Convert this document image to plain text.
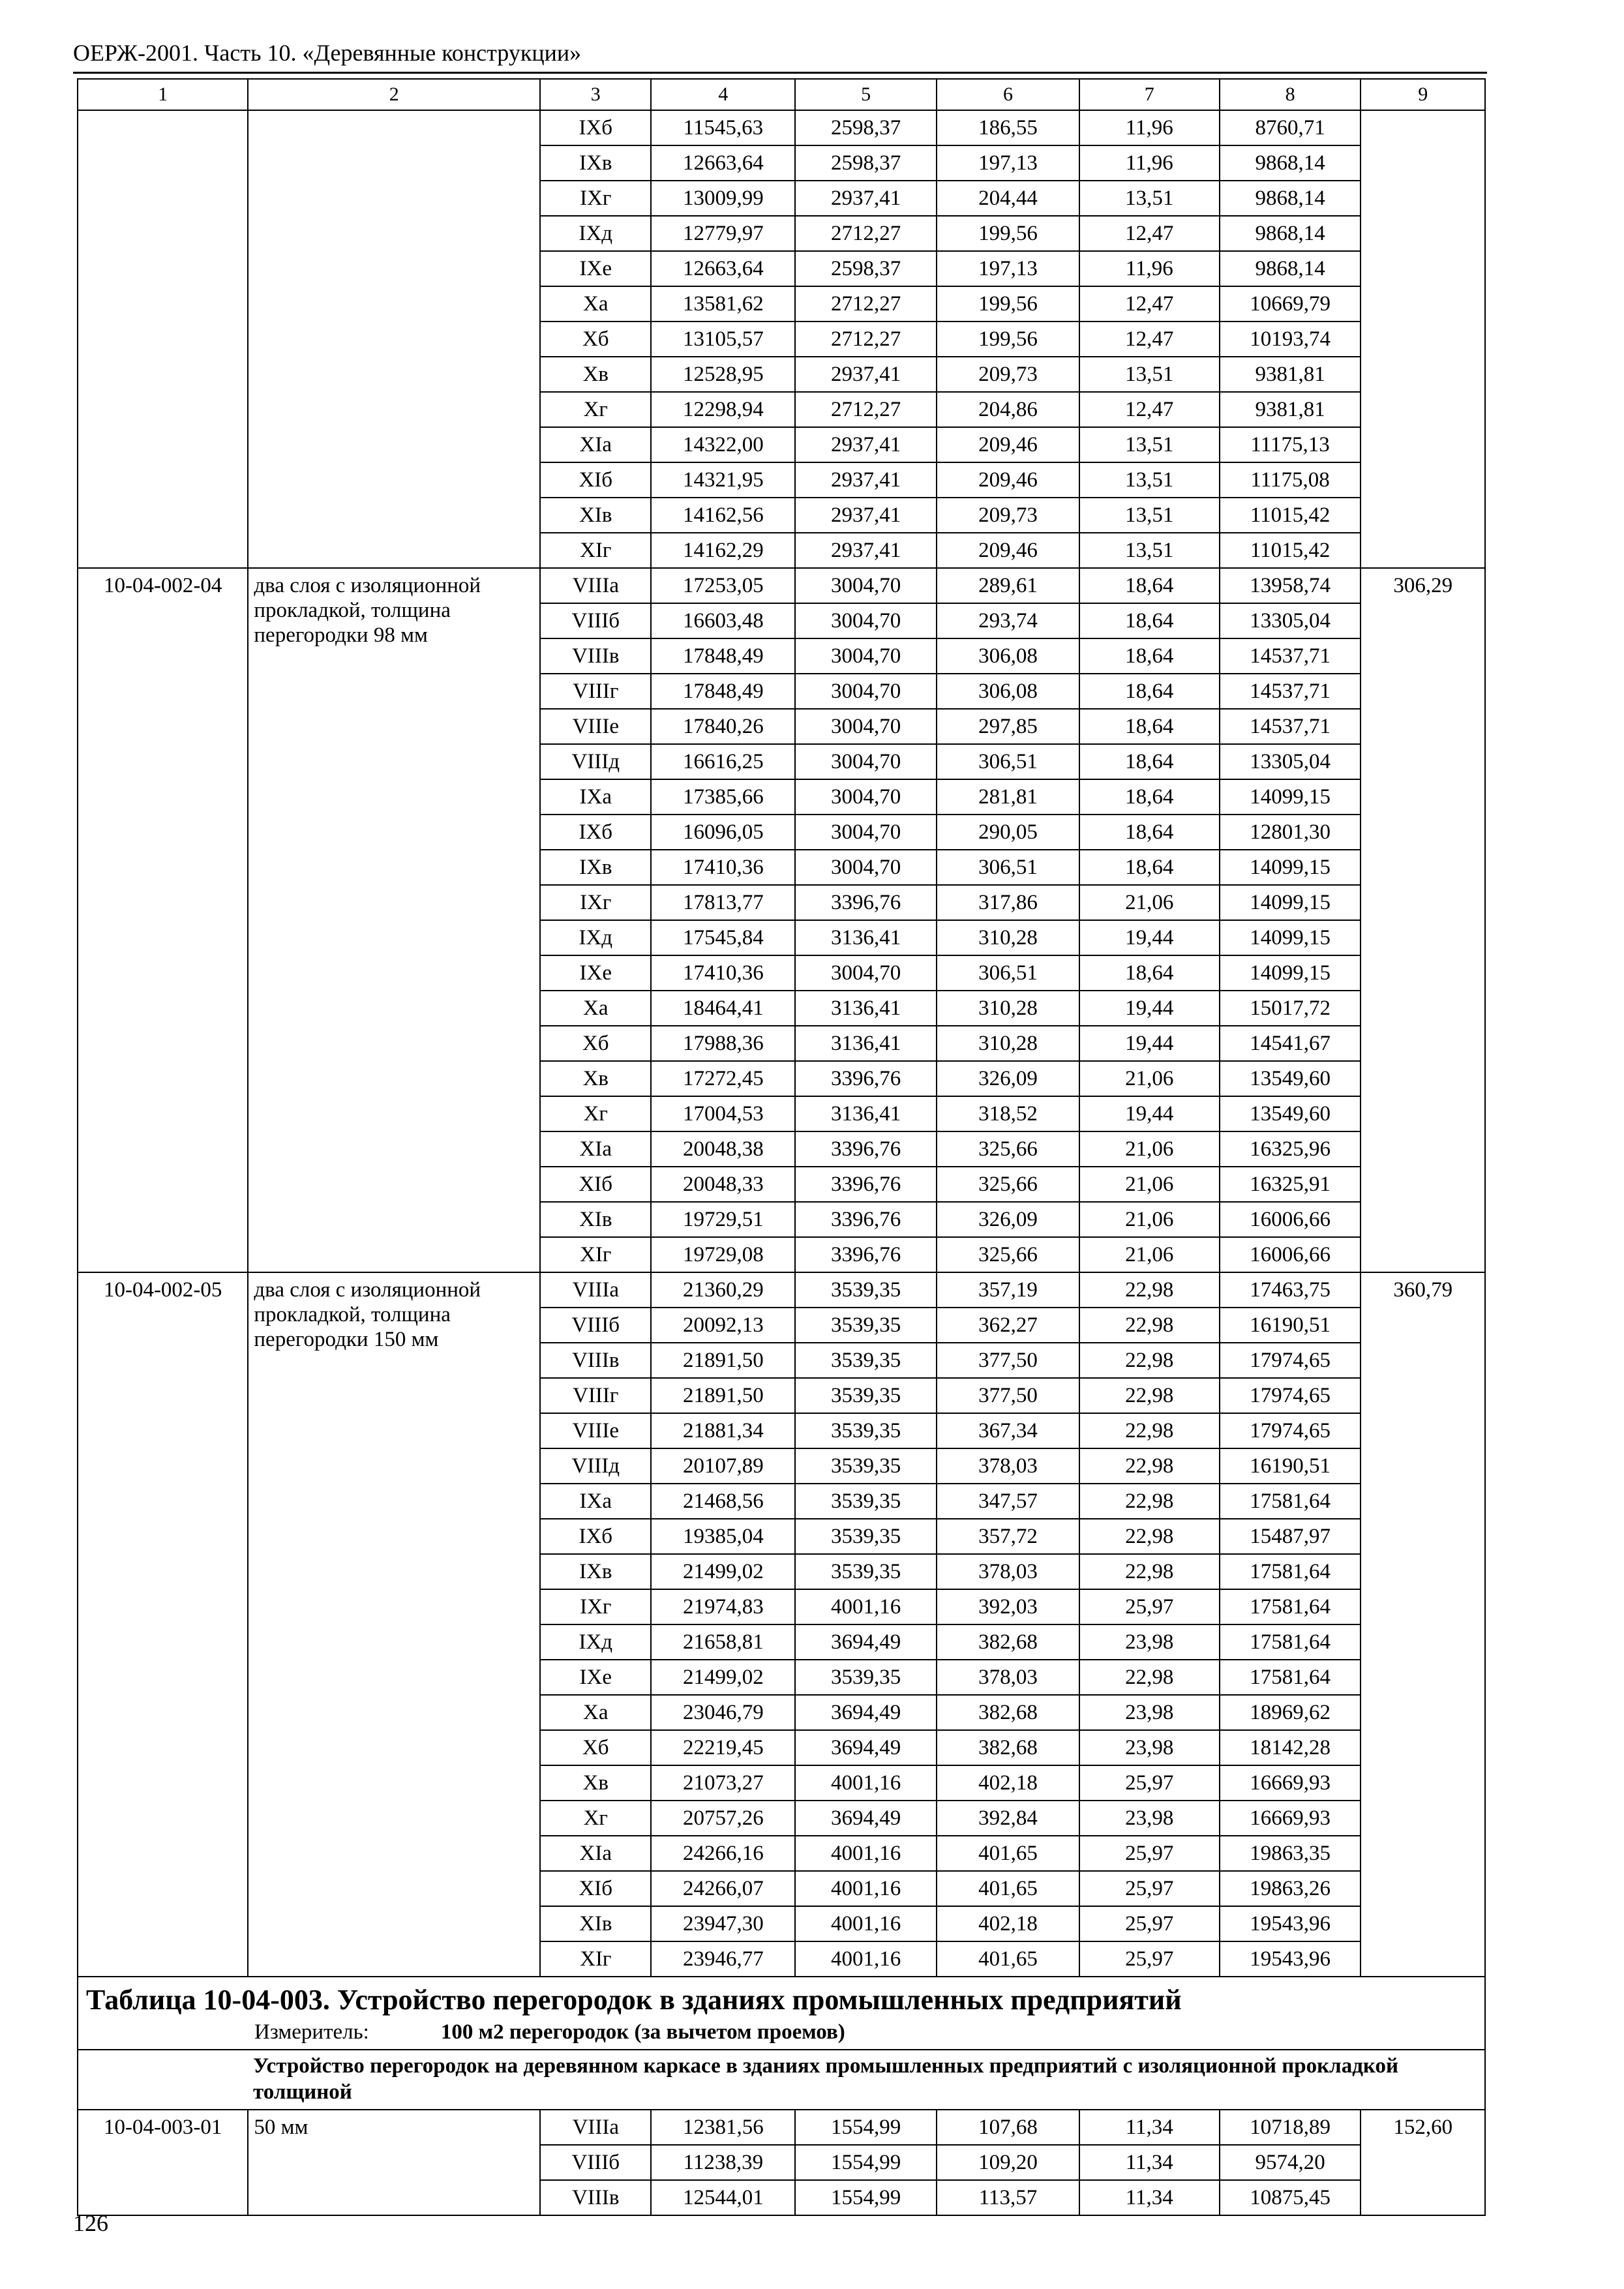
ОЕРЖ-2001. Часть 10. «Деревянные конструкции»
1	2	3	4	5	6	7	8	9
		IXб	11545,63	2598,37	186,55	11,96	8760,71	
		IXв	12663,64	2598,37	197,13	11,96	9868,14	
		IXг	13009,99	2937,41	204,44	13,51	9868,14	
		IXд	12779,97	2712,27	199,56	12,47	9868,14	
		IXе	12663,64	2598,37	197,13	11,96	9868,14	
		Xа	13581,62	2712,27	199,56	12,47	10669,79	
		Xб	13105,57	2712,27	199,56	12,47	10193,74	
		Xв	12528,95	2937,41	209,73	13,51	9381,81	
		Xг	12298,94	2712,27	204,86	12,47	9381,81	
		XIа	14322,00	2937,41	209,46	13,51	11175,13	
		XIб	14321,95	2937,41	209,46	13,51	11175,08	
		XIв	14162,56	2937,41	209,73	13,51	11015,42	
		XIг	14162,29	2937,41	209,46	13,51	11015,42	
10-04-002-04	два слоя с изоляционной прокладкой, толщина перегородки 98 мм	VIIIа	17253,05	3004,70	289,61	18,64	13958,74	306,29
		VIIIб	16603,48	3004,70	293,74	18,64	13305,04	
		VIIIв	17848,49	3004,70	306,08	18,64	14537,71	
		VIIIг	17848,49	3004,70	306,08	18,64	14537,71	
		VIIIе	17840,26	3004,70	297,85	18,64	14537,71	
		VIIIд	16616,25	3004,70	306,51	18,64	13305,04	
		IXа	17385,66	3004,70	281,81	18,64	14099,15	
		IXб	16096,05	3004,70	290,05	18,64	12801,30	
		IXв	17410,36	3004,70	306,51	18,64	14099,15	
		IXг	17813,77	3396,76	317,86	21,06	14099,15	
		IXд	17545,84	3136,41	310,28	19,44	14099,15	
		IXе	17410,36	3004,70	306,51	18,64	14099,15	
		Xа	18464,41	3136,41	310,28	19,44	15017,72	
		Xб	17988,36	3136,41	310,28	19,44	14541,67	
		Xв	17272,45	3396,76	326,09	21,06	13549,60	
		Xг	17004,53	3136,41	318,52	19,44	13549,60	
		XIа	20048,38	3396,76	325,66	21,06	16325,96	
		XIб	20048,33	3396,76	325,66	21,06	16325,91	
		XIв	19729,51	3396,76	326,09	21,06	16006,66	
		XIг	19729,08	3396,76	325,66	21,06	16006,66	
10-04-002-05	два слоя с изоляционной прокладкой, толщина перегородки 150 мм	VIIIа	21360,29	3539,35	357,19	22,98	17463,75	360,79
		VIIIб	20092,13	3539,35	362,27	22,98	16190,51	
		VIIIв	21891,50	3539,35	377,50	22,98	17974,65	
		VIIIг	21891,50	3539,35	377,50	22,98	17974,65	
		VIIIе	21881,34	3539,35	367,34	22,98	17974,65	
		VIIIд	20107,89	3539,35	378,03	22,98	16190,51	
		IXа	21468,56	3539,35	347,57	22,98	17581,64	
		IXб	19385,04	3539,35	357,72	22,98	15487,97	
		IXв	21499,02	3539,35	378,03	22,98	17581,64	
		IXг	21974,83	4001,16	392,03	25,97	17581,64	
		IXд	21658,81	3694,49	382,68	23,98	17581,64	
		IXе	21499,02	3539,35	378,03	22,98	17581,64	
		Xа	23046,79	3694,49	382,68	23,98	18969,62	
		Xб	22219,45	3694,49	382,68	23,98	18142,28	
		Xв	21073,27	4001,16	402,18	25,97	16669,93	
		Xг	20757,26	3694,49	392,84	23,98	16669,93	
		XIа	24266,16	4001,16	401,65	25,97	19863,35	
		XIб	24266,07	4001,16	401,65	25,97	19863,26	
		XIв	23947,30	4001,16	402,18	25,97	19543,96	
		XIг	23946,77	4001,16	401,65	25,97	19543,96	

Таблица 10-04-003. Устройство перегородок в зданиях промышленных предприятий
Измеритель: 100 м2 перегородок (за вычетом проемов)								

Устройство перегородок на деревянном каркасе в зданиях промышленных предприятий с изоляционной прокладкой толщиной								
10-04-003-01	50 мм	VIIIа	12381,56	1554,99	107,68	11,34	10718,89	152,60
		VIIIб	11238,39	1554,99	109,20	11,34	9574,20	
		VIIIв	12544,01	1554,99	113,57	11,34	10875,45	
126
